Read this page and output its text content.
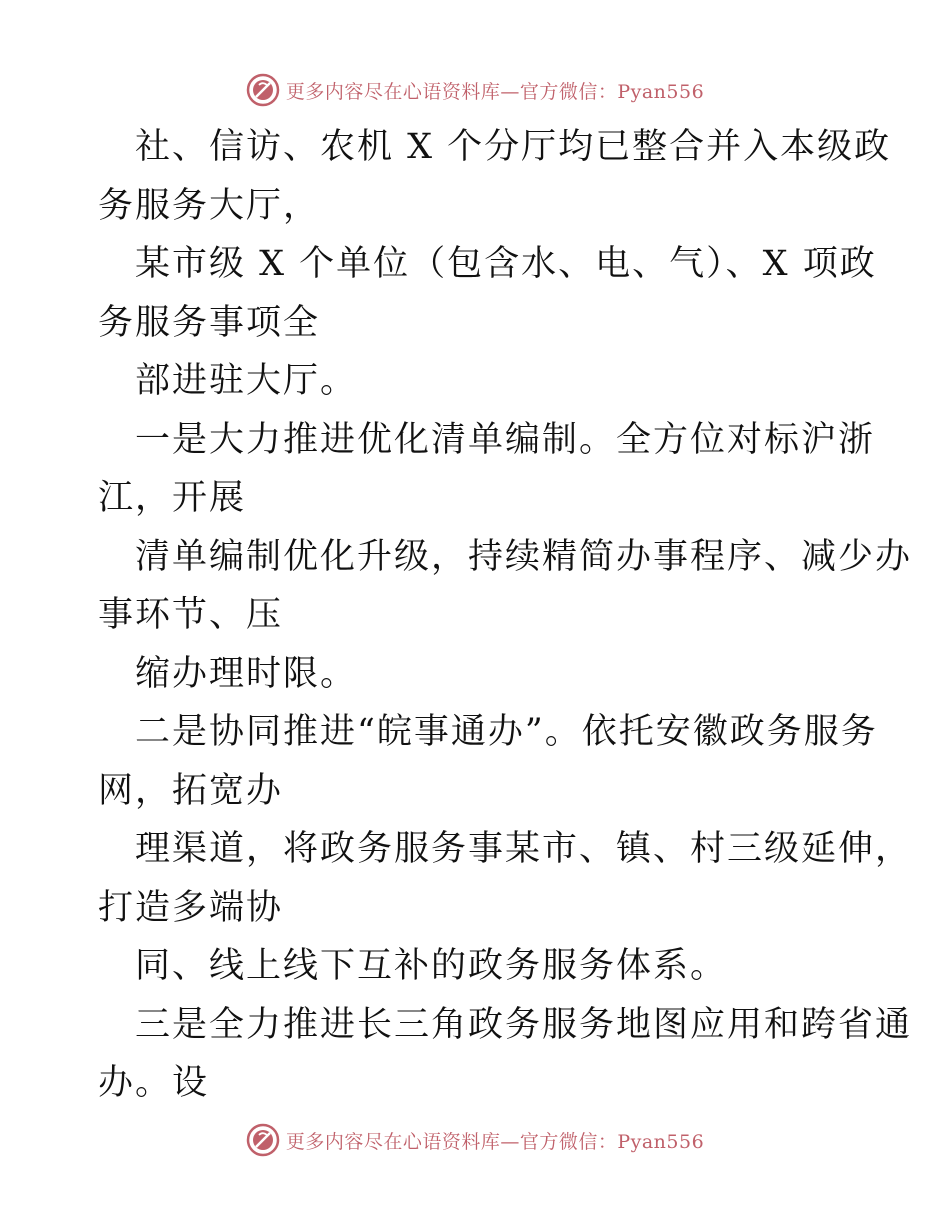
更多内容尽在心语资料库—官方微信：Pyan556
社、信访、农机 X 个分厅均已整合并入本级政
务服务大厅，
某市级 X 个单位（包含水、电、气）、X 项政
务服务事项全
部进驻大厅。
一是大力推进优化清单编制。全方位对标沪浙
江，开展
清单编制优化升级，持续精简办事程序、减少办
事环节、压
缩办理时限。
二是协同推进“皖事通办”。依托安徽政务服务
网，拓宽办
理渠道，将政务服务事某市、镇、村三级延伸，
打造多端协
同、线上线下互补的政务服务体系。
三是全力推进长三角政务服务地图应用和跨省通
办。设
更多内容尽在心语资料库—官方微信：Pyan556
